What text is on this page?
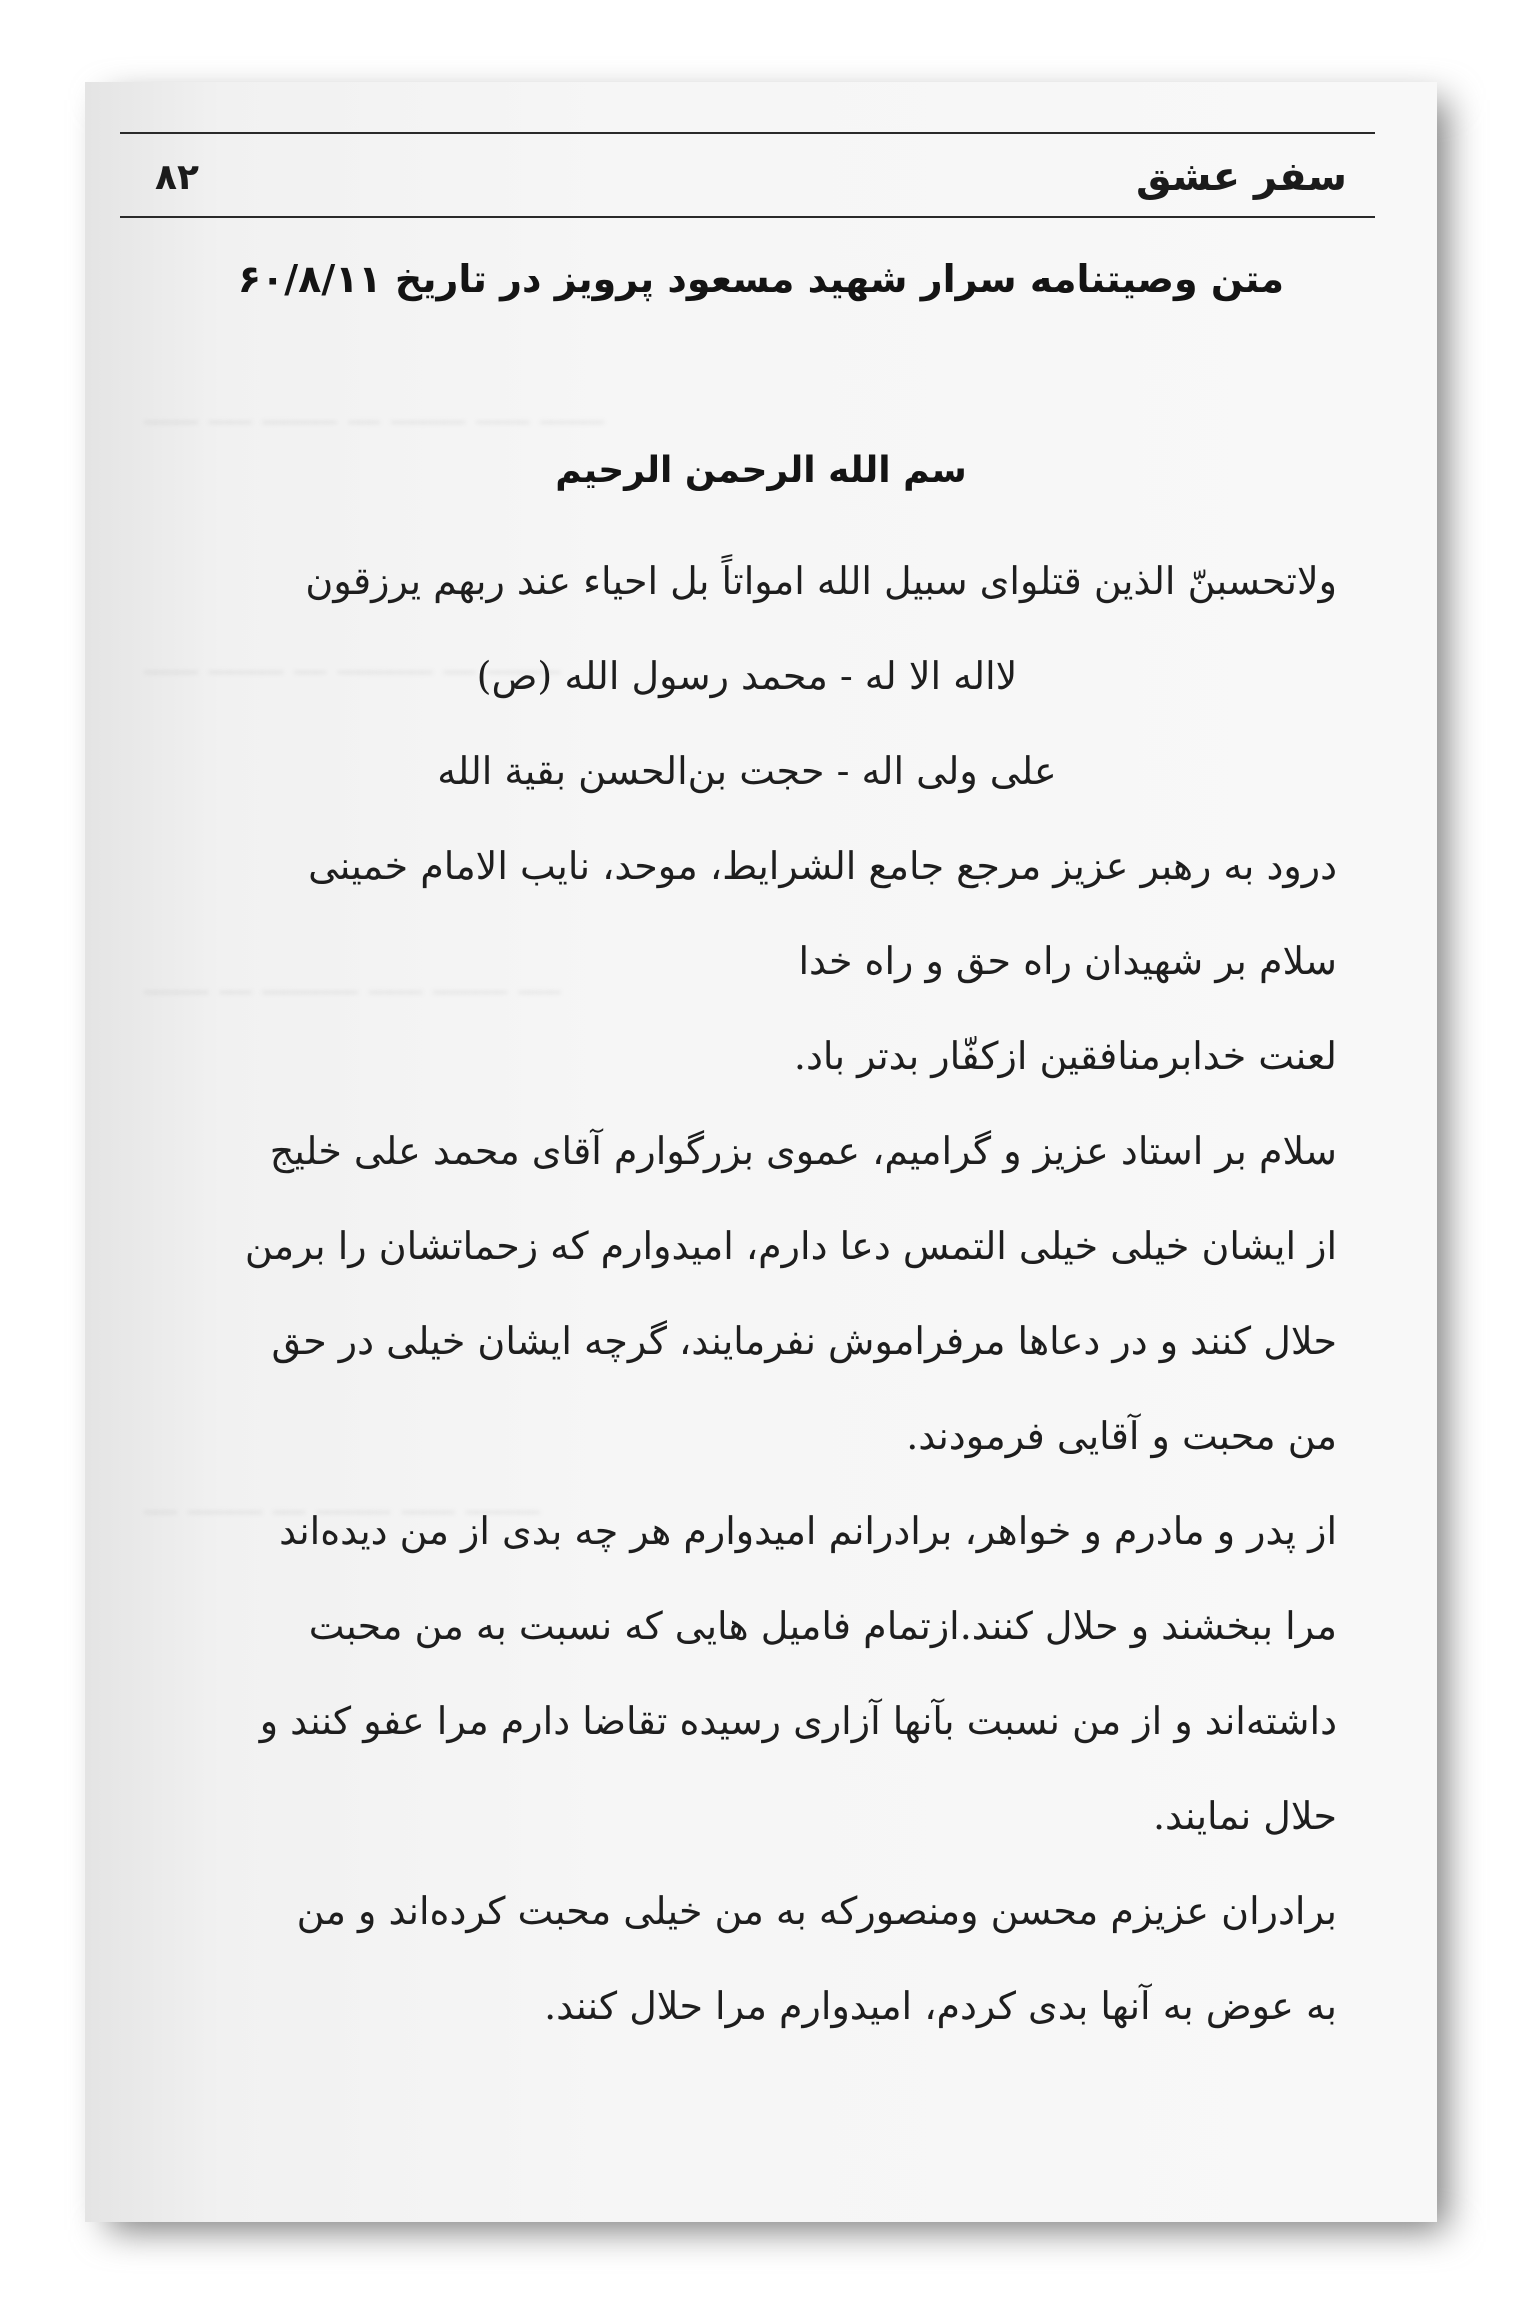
ــــــ ـــــ ـــــــ ـــ ـــــــ ــــ ـــــ
ـــــــ ـــ ـــــــــ ـــ ـــــــ ـــــ
ــــ ـــــــ ـــــ ـــــــــ ـــ ــــــ
ـــــــ ـــــ ـــــــ ـــ ـــــــ ـــ
سفر عشق
۸۲
متن وصیتنامه سرار شهید مسعود پرویز در تاریخ ۶۰/۸/۱۱
سم الله الرحمن الرحیم
ولاتحسبنّ الذین قتلوای سبیل الله امواتاً بل احیاء عند ربهم یرزقون
لااله الا له - محمد رسول الله (ص)
علی ولی اله - حجت بن‌الحسن بقیة الله
درود به رهبر عزیز مرجع جامع الشرایط، موحد، نایب الامام خمینی
سلام بر شهیدان راه حق و راه خدا
لعنت خدابرمنافقین ازکفّار بدتر باد.
سلام بر استاد عزیز و گرامیم، عموی بزرگوارم آقای محمد علی خلیج
از ایشان خیلی خیلی التمس دعا دارم، امیدوارم که زحماتشان را برمن
حلال کنند و در دعاها مرفراموش نفرمایند، گرچه ایشان خیلی در حق
من محبت و آقایی فرمودند.
از پدر و مادرم و خواهر، برادرانم امیدوارم هر چه بدی از من دیده‌اند
مرا ببخشند و حلال کنند.ازتمام فامیل هایی که نسبت به من محبت
داشته‌اند و از من نسبت بآنها آزاری رسیده تقاضا دارم مرا عفو کنند و
حلال نمایند.
برادران عزیزم محسن ومنصورکه به من خیلی محبت کرده‌اند و من
به عوض به آنها بدی کردم، امیدوارم مرا حلال کنند.
